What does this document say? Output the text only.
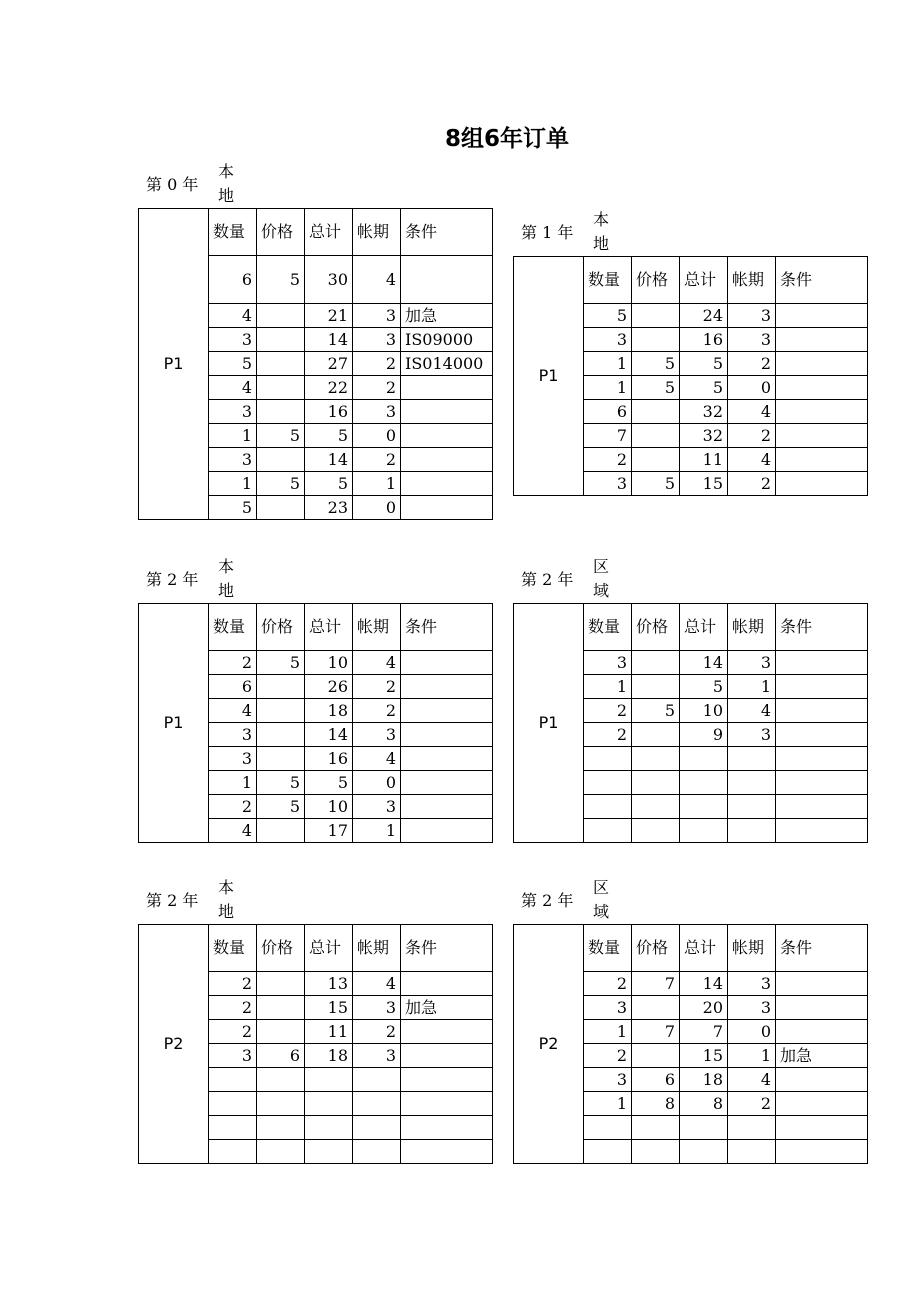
8组6年订单
第 0 年
本地
P1	数量	价格	总计	帐期	条件
	6	5	30	4	
	4		21	3	加急
	3		14	3	IS09000
	5		27	2	IS014000
	4		22	2	
	3		16	3	
	1	5	5	0	
	3		14	2	
	1	5	5	1	
	5		23	0	
第 1 年
本地
P1	数量	价格	总计	帐期	条件
	5		24	3	
	3		16	3	
	1	5	5	2	
	1	5	5	0	
	6		32	4	
	7		32	2	
	2		11	4	
	3	5	15	2	
第 2 年
本地
P1	数量	价格	总计	帐期	条件
	2	5	10	4	
	6		26	2	
	4		18	2	
	3		14	3	
	3		16	4	
	1	5	5	0	
	2	5	10	3	
	4		17	1	
第 2 年
区域
P1	数量	价格	总计	帐期	条件
	3		14	3	
	1		5	1	
	2	5	10	4	
	2		9	3	

第 2 年
本地
P2	数量	价格	总计	帐期	条件
	2		13	4	
	2		15	3	加急
	2		11	2	
	3	6	18	3	

第 2 年
区域
P2	数量	价格	总计	帐期	条件
	2	7	14	3	
	3		20	3	
	1	7	7	0	
	2		15	1	加急
	3	6	18	4	
	1	8	8	2	
